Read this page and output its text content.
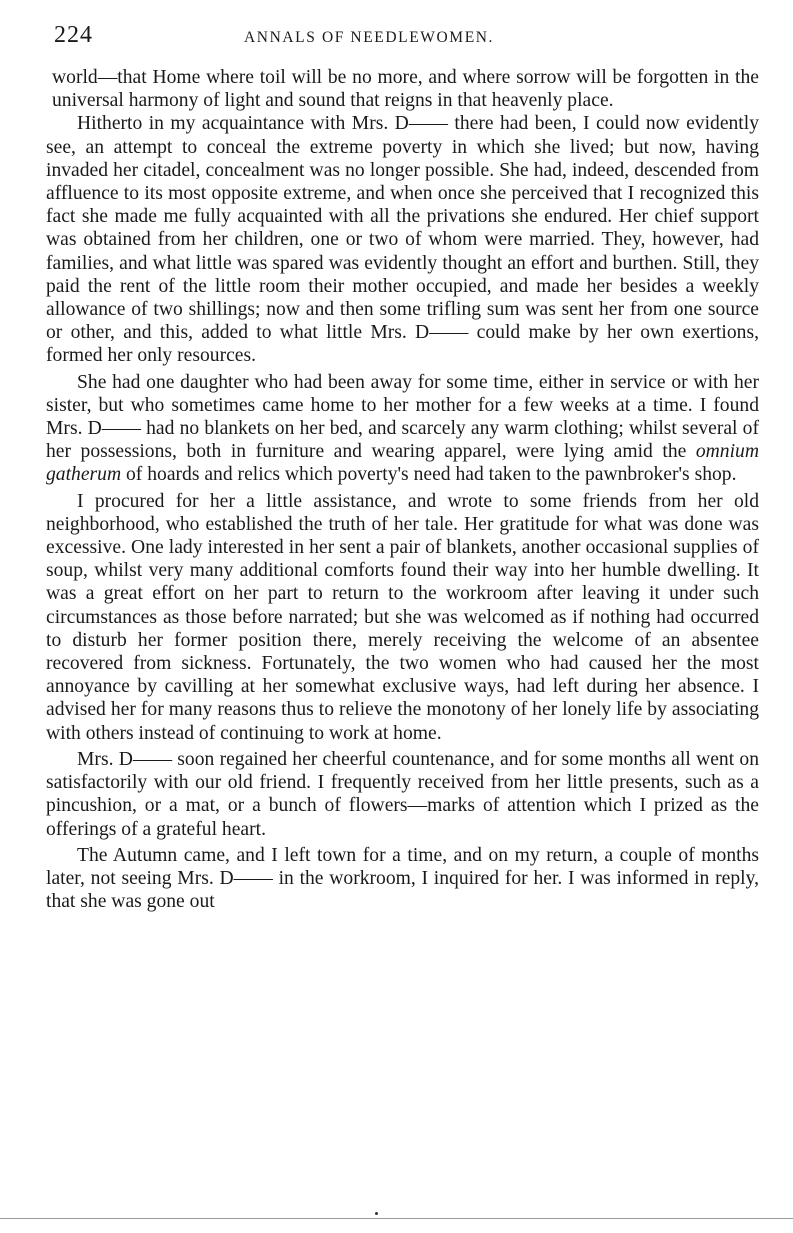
224	ANNALS OF NEEDLEWOMEN.

world—that Home where toil will be no more, and where sorrow will be forgotten in the universal harmony of light and sound that reigns in that heavenly place.

Hitherto in my acquaintance with Mrs. D—— there had been, I could now evidently see, an attempt to conceal the extreme poverty in which she lived; but now, having invaded her citadel, concealment was no longer possible. She had, indeed, descended from affluence to its most opposite extreme, and when once she perceived that I recognized this fact she made me fully acquainted with all the privations she endured. Her chief support was obtained from her children, one or two of whom were married. They, however, had families, and what little was spared was evidently thought an effort and burthen. Still, they paid the rent of the little room their mother occupied, and made her besides a weekly allowance of two shillings; now and then some trifling sum was sent her from one source or other, and this, added to what little Mrs. D—— could make by her own exertions, formed her only resources.

She had one daughter who had been away for some time, either in service or with her sister, but who sometimes came home to her mother for a few weeks at a time. I found Mrs. D—— had no blankets on her bed, and scarcely any warm clothing; whilst several of her possessions, both in furniture and wearing apparel, were lying amid the omnium gatherum of hoards and relics which poverty's need had taken to the pawnbroker's shop.

I procured for her a little assistance, and wrote to some friends from her old neighborhood, who established the truth of her tale. Her gratitude for what was done was excessive. One lady interested in her sent a pair of blankets, another occasional supplies of soup, whilst very many additional comforts found their way into her humble dwelling. It was a great effort on her part to return to the workroom after leaving it under such circumstances as those before narrated; but she was welcomed as if nothing had occurred to disturb her former position there, merely receiving the welcome of an absentee recovered from sickness. Fortunately, the two women who had caused her the most annoyance by cavilling at her somewhat exclusive ways, had left during her absence. I advised her for many reasons thus to relieve the monotony of her lonely life by associating with others instead of continuing to work at home.

Mrs. D—— soon regained her cheerful countenance, and for some months all went on satisfactorily with our old friend. I frequently received from her little presents, such as a pincushion, or a mat, or a bunch of flowers—marks of attention which I prized as the offerings of a grateful heart.

The Autumn came, and I left town for a time, and on my return, a couple of months later, not seeing Mrs. D—— in the workroom, I inquired for her. I was informed in reply, that she was gone out
